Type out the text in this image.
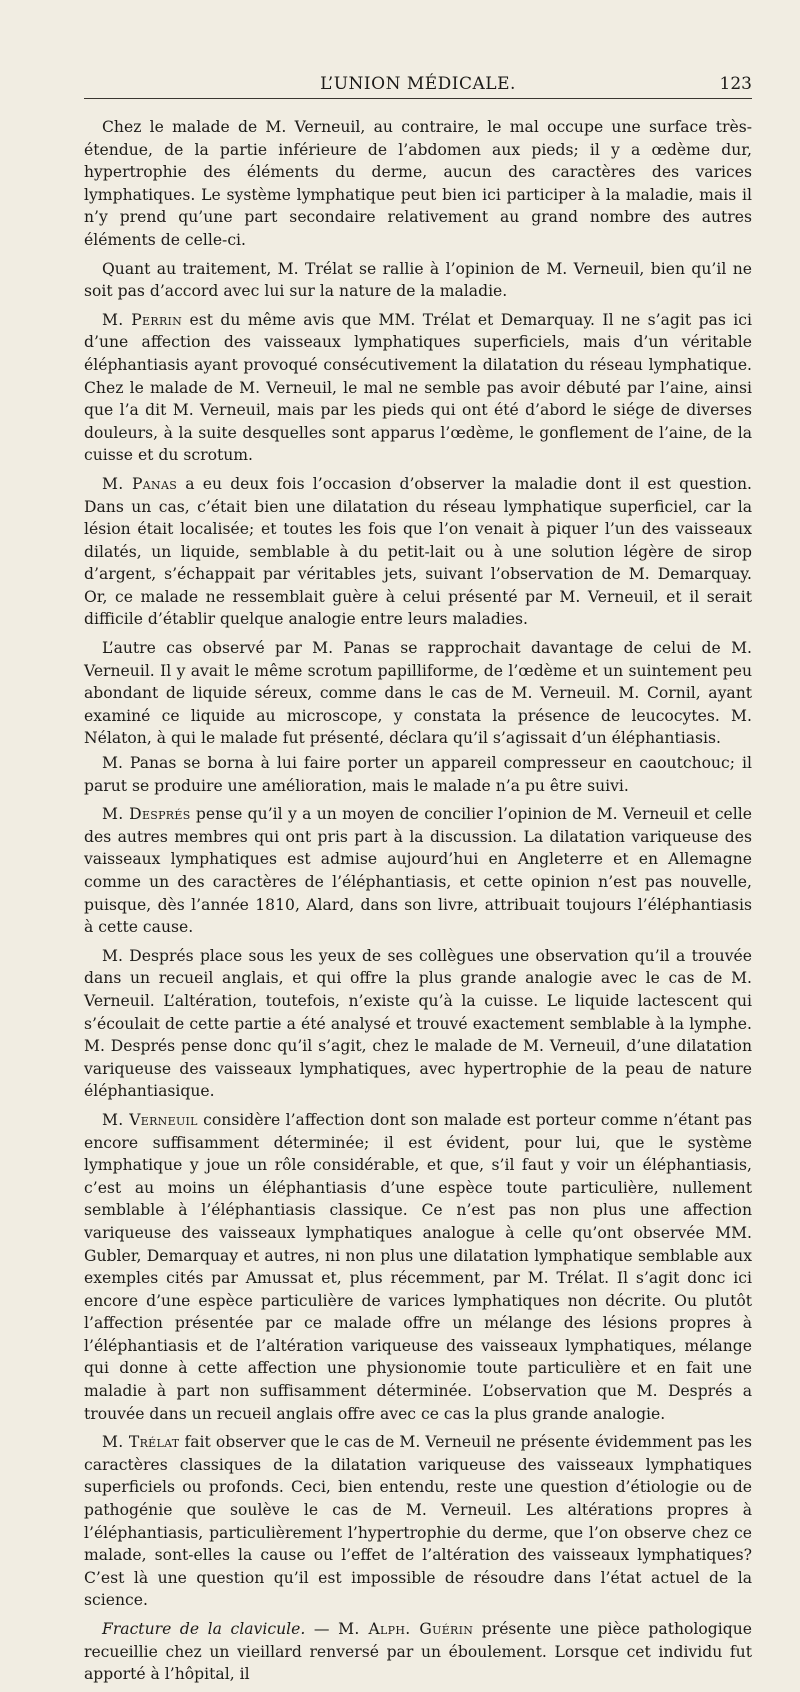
L’UNION MÉDICALE.	123

Chez le malade de M. Verneuil, au contraire, le mal occupe une surface très-étendue, de la partie inférieure de l’abdomen aux pieds; il y a œdème dur, hypertrophie des éléments du derme, aucun des caractères des varices lymphatiques. Le système lymphatique peut bien ici participer à la maladie, mais il n’y prend qu’une part secondaire relativement au grand nombre des autres éléments de celle-ci.

Quant au traitement, M. Trélat se rallie à l’opinion de M. Verneuil, bien qu’il ne soit pas d’accord avec lui sur la nature de la maladie.

M. Perrin est du même avis que MM. Trélat et Demarquay. Il ne s’agit pas ici d’une affection des vaisseaux lymphatiques superficiels, mais d’un véritable éléphantiasis ayant provoqué consécutivement la dilatation du réseau lymphatique. Chez le malade de M. Verneuil, le mal ne semble pas avoir débuté par l’aine, ainsi que l’a dit M. Verneuil, mais par les pieds qui ont été d’abord le siége de diverses douleurs, à la suite desquelles sont apparus l’œdème, le gonflement de l’aine, de la cuisse et du scrotum.

M. Panas a eu deux fois l’occasion d’observer la maladie dont il est question. Dans un cas, c’était bien une dilatation du réseau lymphatique superficiel, car la lésion était localisée; et toutes les fois que l’on venait à piquer l’un des vaisseaux dilatés, un liquide, semblable à du petit-lait ou à une solution légère de sirop d’argent, s’échappait par véritables jets, suivant l’observation de M. Demarquay. Or, ce malade ne ressemblait guère à celui présenté par M. Verneuil, et il serait difficile d’établir quelque analogie entre leurs maladies.

L’autre cas observé par M. Panas se rapprochait davantage de celui de M. Verneuil. Il y avait le même scrotum papilliforme, de l’œdème et un suintement peu abondant de liquide séreux, comme dans le cas de M. Verneuil. M. Cornil, ayant examiné ce liquide au microscope, y constata la présence de leucocytes. M. Nélaton, à qui le malade fut présenté, déclara qu’il s’agissait d’un éléphantiasis.

M. Panas se borna à lui faire porter un appareil compresseur en caoutchouc; il parut se produire une amélioration, mais le malade n’a pu être suivi.

M. Després pense qu’il y a un moyen de concilier l’opinion de M. Verneuil et celle des autres membres qui ont pris part à la discussion. La dilatation variqueuse des vaisseaux lymphatiques est admise aujourd’hui en Angleterre et en Allemagne comme un des caractères de l’éléphantiasis, et cette opinion n’est pas nouvelle, puisque, dès l’année 1810, Alard, dans son livre, attribuait toujours l’éléphantiasis à cette cause.

M. Després place sous les yeux de ses collègues une observation qu’il a trouvée dans un recueil anglais, et qui offre la plus grande analogie avec le cas de M. Verneuil. L’altération, toutefois, n’existe qu’à la cuisse. Le liquide lactescent qui s’écoulait de cette partie a été analysé et trouvé exactement semblable à la lymphe. M. Després pense donc qu’il s’agit, chez le malade de M. Verneuil, d’une dilatation variqueuse des vaisseaux lymphatiques, avec hypertrophie de la peau de nature éléphantiasique.

M. Verneuil considère l’affection dont son malade est porteur comme n’étant pas encore suffisamment déterminée; il est évident, pour lui, que le système lymphatique y joue un rôle considérable, et que, s’il faut y voir un éléphantiasis, c’est au moins un éléphantiasis d’une espèce toute particulière, nullement semblable à l’éléphantiasis classique. Ce n’est pas non plus une affection variqueuse des vaisseaux lymphatiques analogue à celle qu’ont observée MM. Gubler, Demarquay et autres, ni non plus une dilatation lymphatique semblable aux exemples cités par Amussat et, plus récemment, par M. Trélat. Il s’agit donc ici encore d’une espèce particulière de varices lymphatiques non décrite. Ou plutôt l’affection présentée par ce malade offre un mélange des lésions propres à l’éléphantiasis et de l’altération variqueuse des vaisseaux lymphatiques, mélange qui donne à cette affection une physionomie toute particulière et en fait une maladie à part non suffisamment déterminée. L’observation que M. Després a trouvée dans un recueil anglais offre avec ce cas la plus grande analogie.

M. Trélat fait observer que le cas de M. Verneuil ne présente évidemment pas les caractères classiques de la dilatation variqueuse des vaisseaux lymphatiques superficiels ou profonds. Ceci, bien entendu, reste une question d’étiologie ou de pathogénie que soulève le cas de M. Verneuil. Les altérations propres à l’éléphantiasis, particulièrement l’hypertrophie du derme, que l’on observe chez ce malade, sont-elles la cause ou l’effet de l’altération des vaisseaux lymphatiques? C’est là une question qu’il est impossible de résoudre dans l’état actuel de la science.

Fracture de la clavicule. — M. Alph. Guérin présente une pièce pathologique recueillie chez un vieillard renversé par un éboulement. Lorsque cet individu fut apporté à l’hôpital, il
